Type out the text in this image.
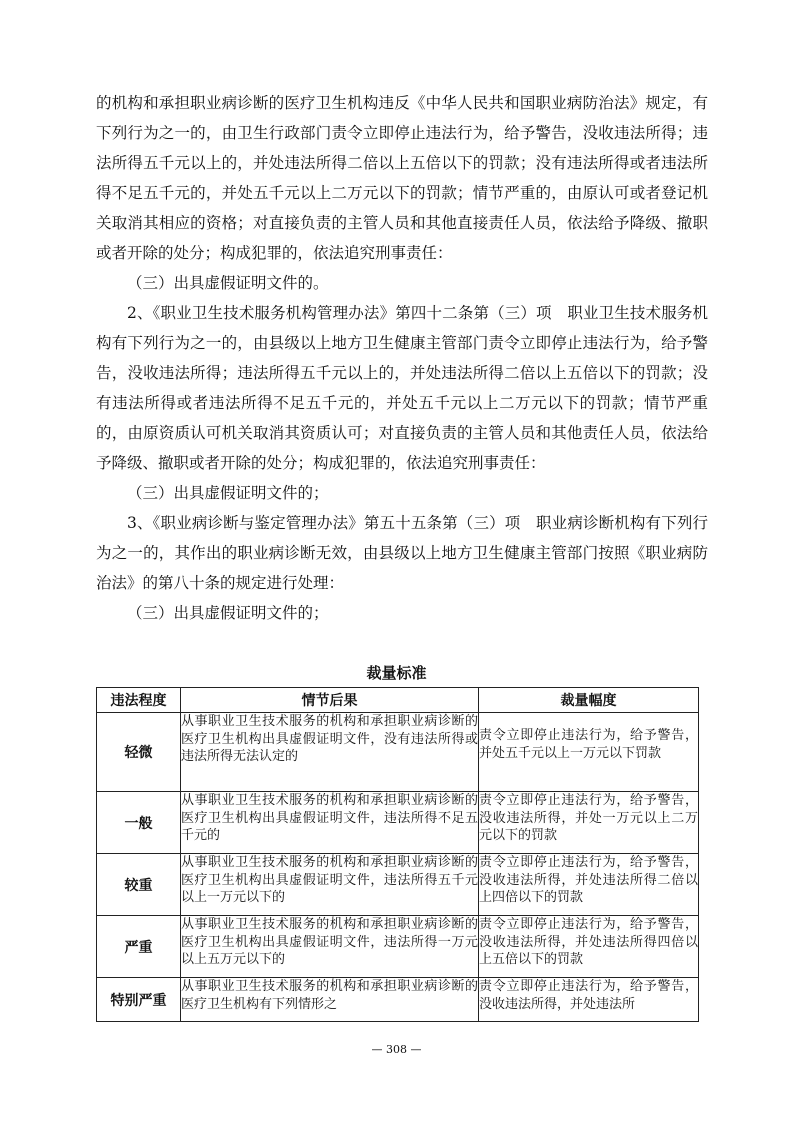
的机构和承担职业病诊断的医疗卫生机构违反《中华人民共和国职业病防治法》规定，有下列行为之一的，由卫生行政部门责令立即停止违法行为，给予警告，没收违法所得；违法所得五千元以上的，并处违法所得二倍以上五倍以下的罚款；没有违法所得或者违法所得不足五千元的，并处五千元以上二万元以下的罚款；情节严重的，由原认可或者登记机关取消其相应的资格；对直接负责的主管人员和其他直接责任人员，依法给予降级、撤职或者开除的处分；构成犯罪的，依法追究刑事责任：

（三）出具虚假证明文件的。

2、《职业卫生技术服务机构管理办法》第四十二条第（三）项　职业卫生技术服务机构有下列行为之一的，由县级以上地方卫生健康主管部门责令立即停止违法行为，给予警告，没收违法所得；违法所得五千元以上的，并处违法所得二倍以上五倍以下的罚款；没有违法所得或者违法所得不足五千元的，并处五千元以上二万元以下的罚款；情节严重的，由原资质认可机关取消其资质认可；对直接负责的主管人员和其他责任人员，依法给予降级、撤职或者开除的处分；构成犯罪的，依法追究刑事责任：

（三）出具虚假证明文件的；

3、《职业病诊断与鉴定管理办法》第五十五条第（三）项　职业病诊断机构有下列行为之一的，其作出的职业病诊断无效，由县级以上地方卫生健康主管部门按照《职业病防治法》的第八十条的规定进行处理：

（三）出具虚假证明文件的；

裁量标准
违法程度	情节后果	裁量幅度
轻微	从事职业卫生技术服务的机构和承担职业病诊断的医疗卫生机构出具虚假证明文件，没有违法所得或违法所得无法认定的	责令立即停止违法行为，给予警告，并处五千元以上一万元以下罚款
一般	从事职业卫生技术服务的机构和承担职业病诊断的医疗卫生机构出具虚假证明文件，违法所得不足五千元的	责令立即停止违法行为，给予警告，没收违法所得，并处一万元以上二万元以下的罚款
较重	从事职业卫生技术服务的机构和承担职业病诊断的医疗卫生机构出具虚假证明文件，违法所得五千元以上一万元以下的	责令立即停止违法行为，给予警告，没收违法所得，并处违法所得二倍以上四倍以下的罚款
严重	从事职业卫生技术服务的机构和承担职业病诊断的医疗卫生机构出具虚假证明文件，违法所得一万元以上五万元以下的	责令立即停止违法行为，给予警告，没收违法所得，并处违法所得四倍以上五倍以下的罚款
特别严重	从事职业卫生技术服务的机构和承担职业病诊断的医疗卫生机构有下列情形之	责令立即停止违法行为，给予警告，没收违法所得，并处违法所
— 308 —
